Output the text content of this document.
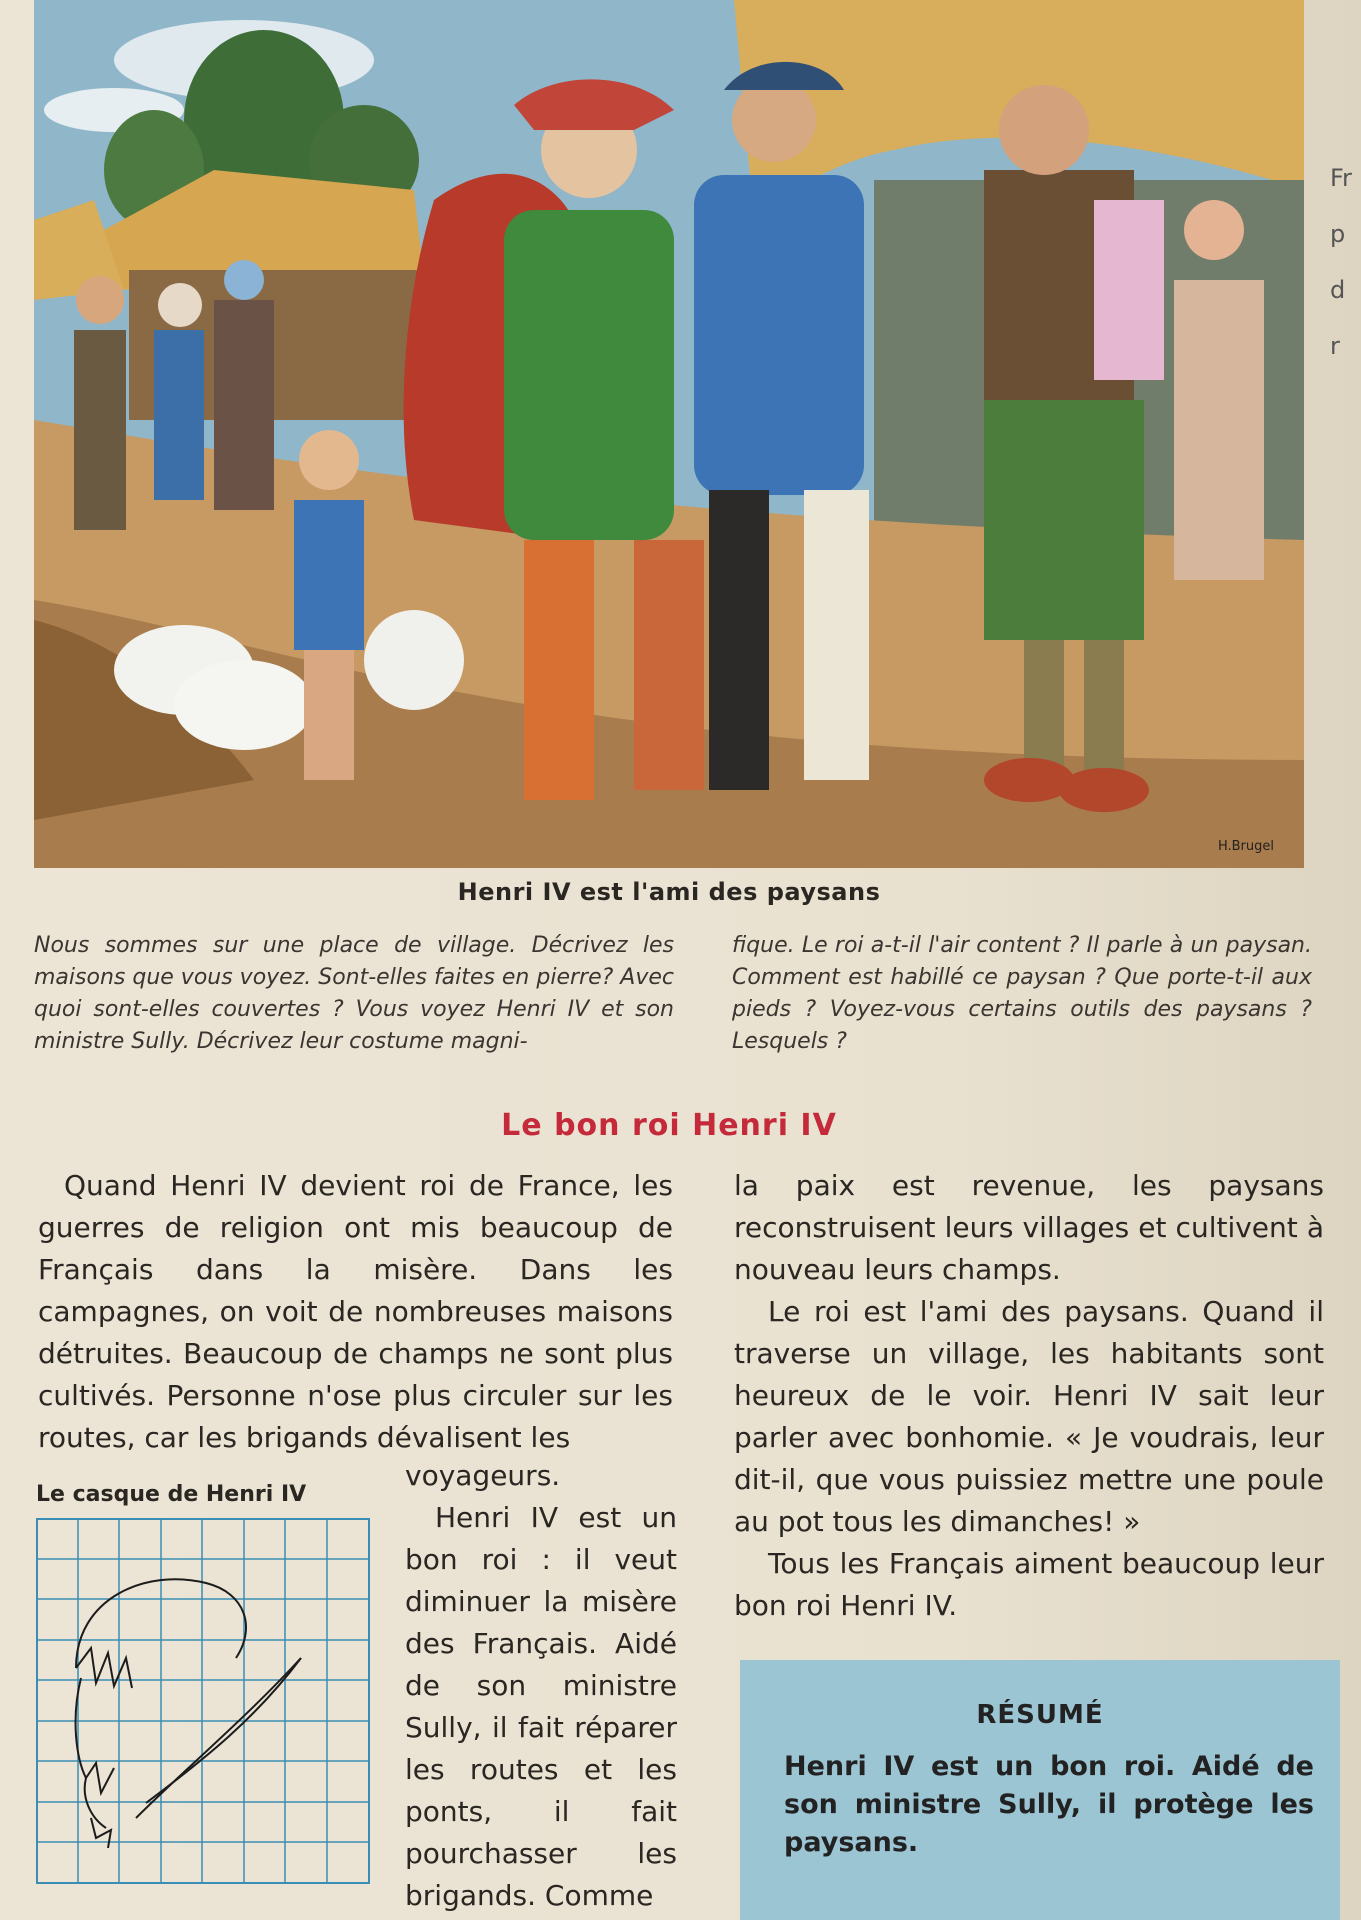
H.Brugel
Fr
p
d
r
Henri IV est l'ami des paysans
Nous sommes sur une place de village. Décrivez les maisons que vous voyez. Sont-elles faites en pierre? Avec quoi sont-elles couvertes ? Vous voyez Henri IV et son ministre Sully. Décrivez leur costume magni-
fique. Le roi a-t-il l'air content ? Il parle à un paysan. Comment est habillé ce paysan ? Que porte-t-il aux pieds ? Voyez-vous certains outils des paysans ? Lesquels ?
Le bon roi Henri IV
Quand Henri IV devient roi de France, les guerres de religion ont mis beaucoup de Français dans la misère. Dans les campagnes, on voit de nombreuses maisons détruites. Beaucoup de champs ne sont plus cultivés. Personne n'ose plus circuler sur les routes, car les brigands dévalisent les

voyageurs.

Henri IV est un bon roi : il veut diminuer la misère des Français. Aidé de son ministre Sully, il fait réparer les routes et les ponts, il fait pourchasser les brigands. Comme

Le casque de Henri IV

la paix est revenue, les paysans reconstruisent leurs villages et cultivent à nouveau leurs champs.

Le roi est l'ami des paysans. Quand il traverse un village, les habitants sont heureux de le voir. Henri IV sait leur parler avec bonhomie. « Je voudrais, leur dit-il, que vous puissiez mettre une poule au pot tous les dimanches! »

Tous les Français aiment beaucoup leur bon roi Henri IV.

RÉSUMÉ
Henri IV est un bon roi. Aidé de son ministre Sully, il protège les paysans.
